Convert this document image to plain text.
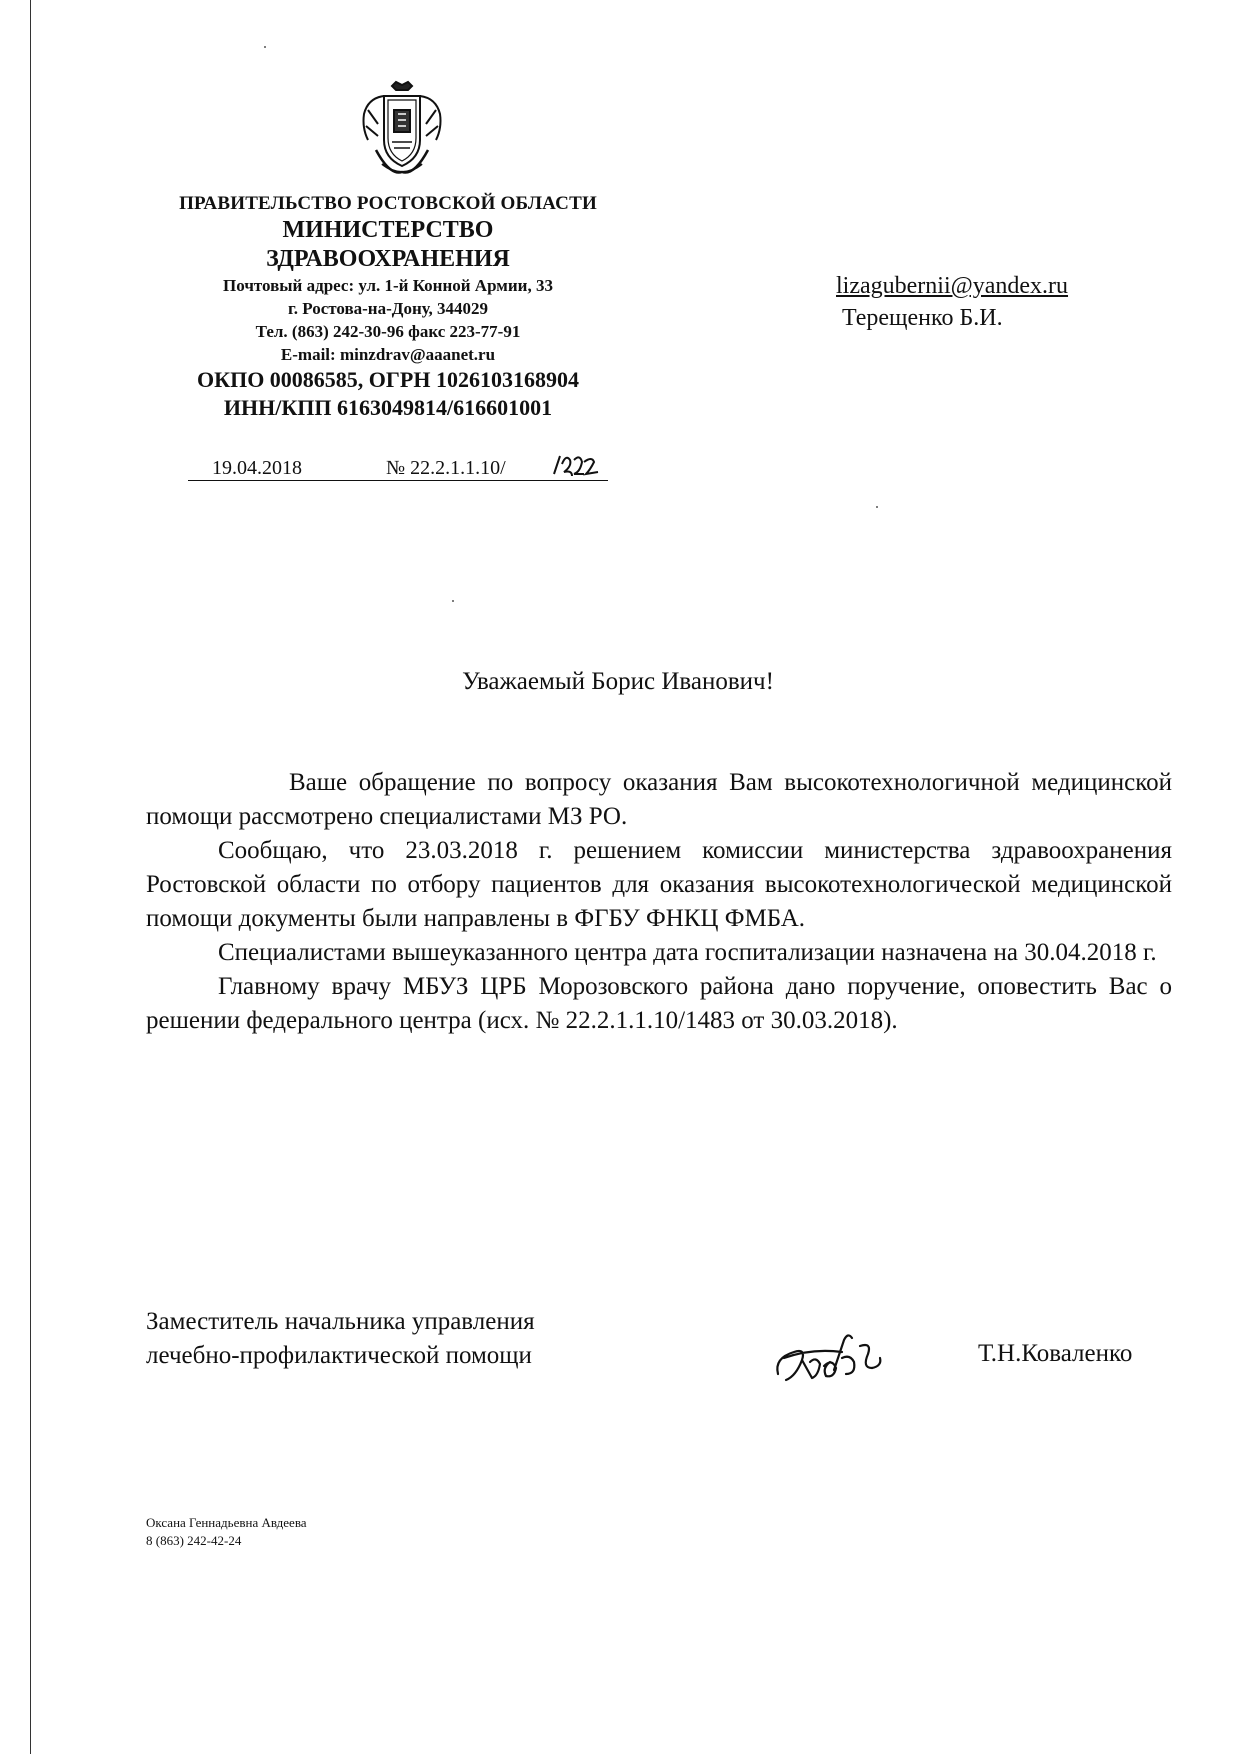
ПРАВИТЕЛЬСТВО РОСТОВСКОЙ ОБЛАСТИ
МИНИСТЕРСТВО
ЗДРАВООХРАНЕНИЯ
Почтовый адрес: ул. 1-й Конной Армии, 33
г. Ростова-на-Дону, 344029
Тел. (863) 242-30-96 факс 223-77-91
E-mail: minzdrav@aaanet.ru
ОКПО 00086585, ОГРН 1026103168904
ИНН/КПП 6163049814/616601001
19.04.2018	№ 22.2.1.1.10/
lizagubernii@yandex.ru
Терещенко Б.И.
Уважаемый Борис Иванович!

Ваше обращение по вопросу оказания Вам высокотехнологичной медицинской помощи рассмотрено специалистами МЗ РО.

Сообщаю, что 23.03.2018 г. решением комиссии министерства здравоохранения Ростовской области по отбору пациентов для оказания высокотехнологической медицинской помощи документы были направлены в ФГБУ ФНКЦ ФМБА.

Специалистами вышеуказанного центра дата госпитализации назначена на 30.04.2018 г.

Главному врачу МБУЗ ЦРБ Морозовского района дано поручение, оповестить Вас о решении федерального центра (исх. № 22.2.1.1.10/1483 от 30.03.2018).

Заместитель начальника управления
лечебно-профилактической помощи	Т.Н.Коваленко
Оксана Геннадьевна Авдеева
8 (863) 242-42-24
